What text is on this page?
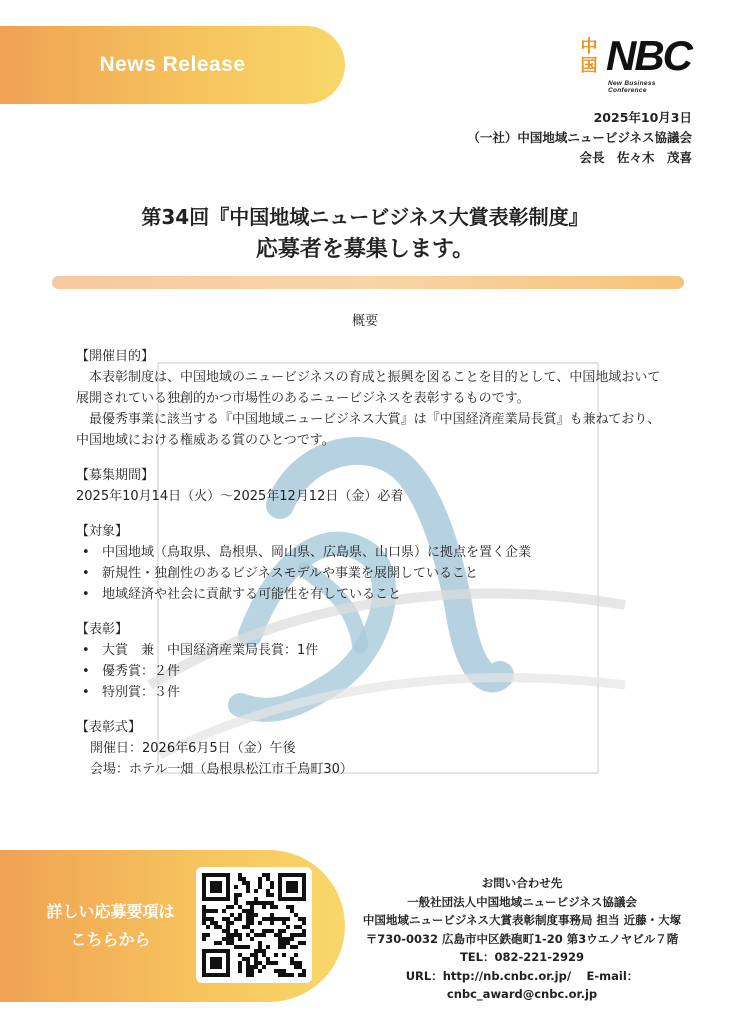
News Release
中
国 NBC
New Business Conference
2025年10月3日
（一社）中国地域ニュービジネス協議会
会長　佐々木　茂喜
第34回『中国地域ニュービジネス大賞表彰制度』
応募者を募集します。
概要
【開催目的】
本表彰制度は、中国地域のニュービジネスの育成と振興を図ることを目的として、中国地域おいて展開されている独創的かつ市場性のあるニュービジネスを表彰するものです。
最優秀事業に該当する『中国地域ニュービジネス大賞』は『中国経済産業局長賞』も兼ねており、中国地域における権威ある賞のひとつです。
【募集期間】
2025年10月14日（火）〜2025年12月12日（金）必着
【対象】
• 中国地域（鳥取県、島根県、岡山県、広島県、山口県）に拠点を置く企業
• 新規性・独創性のあるビジネスモデルや事業を展開していること
• 地域経済や社会に貢献する可能性を有していること
【表彰】
• 大賞　兼　中国経済産業局長賞：1件
• 優秀賞：２件
• 特別賞：３件
【表彰式】
開催日：2026年6月5日（金）午後
会場：ホテル一畑（島根県松江市千鳥町30）
詳しい応募要項は
こちらから
お問い合わせ先
一般社団法人中国地域ニュービジネス協議会
中国地域ニュービジネス大賞表彰制度事務局 担当 近藤・大塚
〒730-0032 広島市中区鉄砲町1‐20 第3ウエノヤビル７階
TEL：082-221-2929
URL：http://nb.cnbc.or.jp/　 E-mail：
cnbc_award@cnbc.or.jp
